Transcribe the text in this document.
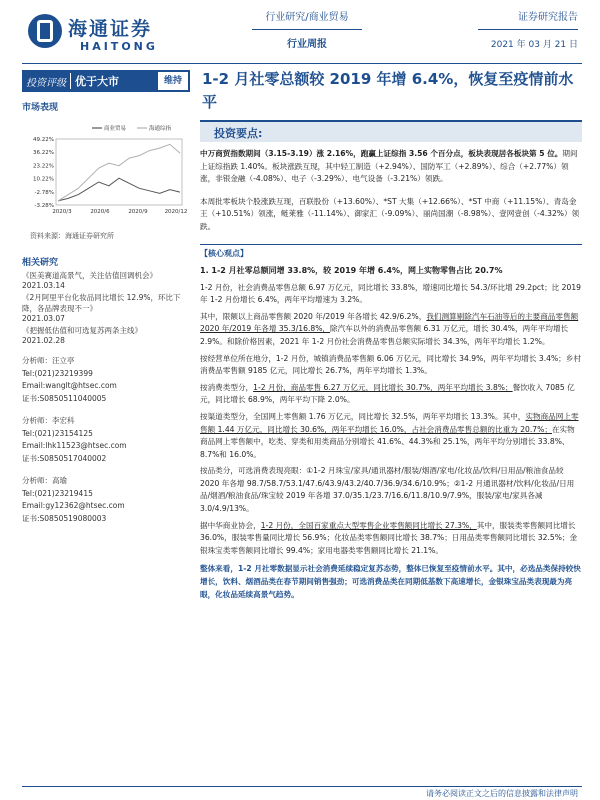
海通证券
HAITONG
行业研究/商业贸易
行业周报
证券研究报告
2021 年 03 月 21 日
投资评级 优于大市	维持
市场表现
商业贸易	海通综指
49.22%
36.22%
23.22%
10.22%
-2.78%
-3.28%
2020/3	2020/6	2020/9	2020/12
资料来源：海通证券研究所
相关研究
《医美赛道高景气，关注估值回调机会》
2021.03.14
《2月阿里平台化妆品同比增长 12.9%，环比下降，各品牌表现不一》
2021.03.07
《把握低估值和可选复苏两条主线》
2021.02.28
分析师：汪立亭
Tel:(021)23219399
Email:wanglt@htsec.com
证书:S0850511040005
分析师：李宏科
Tel:(021)23154125
Email:lhk11523@htsec.com
证书:S0850517040002
分析师：高瑜
Tel:(021)23219415
Email:gy12362@htsec.com
证书:S0850519080003
1-2 月社零总额较 2019 年增 6.4%，恢复至疫情前水平
投资要点:
中万商贸指数期间（3.15-3.19）涨 2.16%，跑赢上证综指 3.56 个百分点，板块表现居各板块第 5 位。期间上证综指跌 1.40%。板块涨跌互现，其中轻工制造（+2.94%）、国防军工（+2.89%）、综合（+2.77%）领涨，非银金融（-4.08%）、电子（-3.29%）、电气设备（-3.21%）领跌。
本周批零板块个股涨跌互现，百联股份（+13.60%）、*ST 大集（+12.66%）、*ST 中商（+11.15%）、青岛金王（+10.51%）领涨，鲢莱雅（-11.14%）、御家汇（-9.09%）、丽尚国潮（-8.98%）、壹网壹创（-4.32%）领跌。
【核心观点】
1. 1-2 月社零总额同增 33.8%，较 2019 年增 6.4%，网上实物零售占比 20.7%
1-2 月份，社会消费品零售总额 6.97 万亿元，同比增长 33.8%，增速同比增长 54.3/环比增 29.2pct；比 2019 年 1-2 月份增长 6.4%，两年平均增速为 3.2%。
其中，限额以上商品零售额 2020 年/2019 年各增长 42.9/6.2%，我们测算剔除汽车石油等后的主要商品零售额 2020 年/2019 年各增 35.3/16.8%，除汽车以外的消费品零售额 6.31 万亿元，增长 30.4%，两年平均增长 2.9%。和除价格因素，2021 年 1-2 月份社会消费品零售总额实际增长 34.3%，两年平均增长 1.2%。
按经营单位所在地分，1-2 月份，城镇消费品零售额 6.06 万亿元，同比增长 34.9%，两年平均增长 3.4%；乡村消费品零售额 9185 亿元，同比增长 26.7%，两年平均增长 1.3%。
按消费类型分，1-2 月份，商品零售 6.27 万亿元，同比增长 30.7%，两年平均增长 3.8%；餐饮收入 7085 亿元，同比增长 68.9%，两年平均下降 2.0%。
按渠道类型分，全国网上零售额 1.76 万亿元，同比增长 32.5%，两年平均增长 13.3%。其中，实物商品网上零售额 1.44 万亿元，同比增长 30.6%，两年平均增长 16.0%，占社会消费品零售总额的比重为 20.7%；在实物商品网上零售额中，吃类、穿类和用类商品分别增长 41.6%、44.3%和 25.1%，两年平均分别增长 33.8%、8.7%和 16.0%。
按品类分，可选消费表现亮眼：①1-2 月珠宝/家具/通讯器材/服装/烟酒/家电/化妆品/饮料/日用品/粮油食品较 2020 年各增 98.7/58.7/53.1/47.6/43.9/43.2/40.7/36.9/34.6/10.9%；②1-2 月通讯器材/饮料/化妆品/日用品/烟酒/粮油食品/珠宝较 2019 年各增 37.0/35.1/23.7/16.6/11.8/10.9/7.9%，服装/家电/家具各减 3.0/4.9/13%。
据中华商业协会，1-2 月份，全国百家重点大型零售企业零售额同比增长 27.3%，其中，服装类零售额同比增长 36.0%，服装零售量同比增长 56.9%；化妆品类零售额同比增长 38.7%；日用品类零售额同比增长 32.5%；金银珠宝类零售额同比增长 99.4%；家用电器类零售额同比增长 21.1%。
整体来看，1-2 月社零数据显示社会消费延续稳定复苏态势，整体已恢复至疫情前水平。其中，必选品类保持较快增长，饮料、烟酒品类在春节期间销售强劲；可选消费品类在同期低基数下高速增长，金银珠宝品类表现最为亮眼，化妆品延续高景气趋势。
请务必阅读正文之后的信息披露和法律声明
